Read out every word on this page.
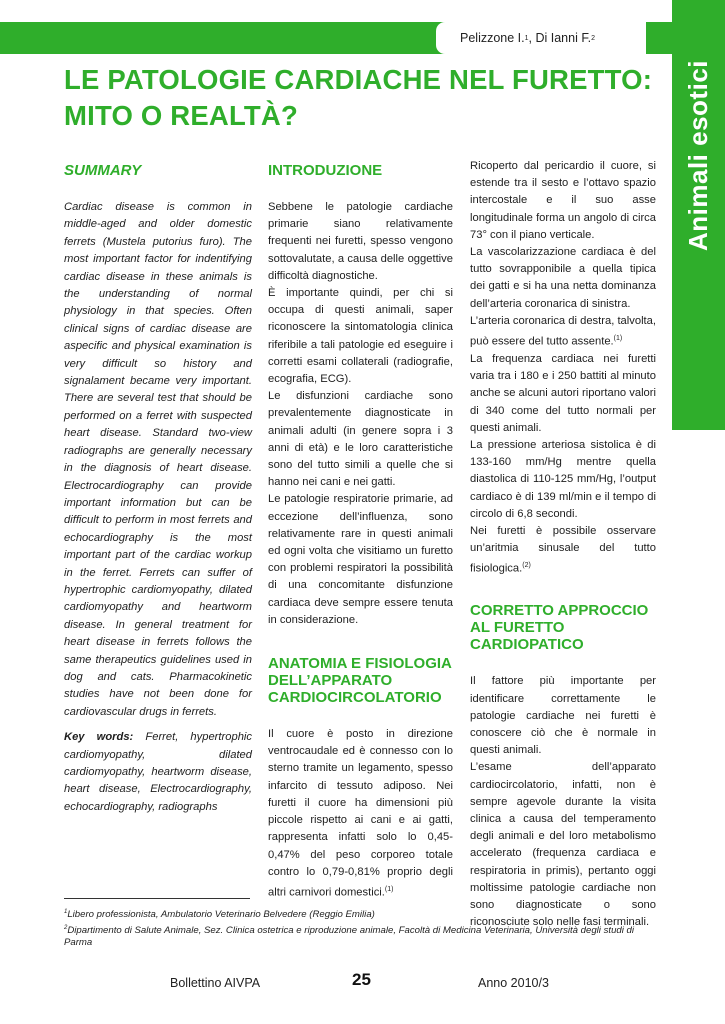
Pelizzone I. 1 , Di Ianni F. 2
Animali esotici
LE PATOLOGIE CARDIACHE NEL FURETTO: MITO O REALTÀ?
SUMMARY

Cardiac disease is common in middle-aged and older domestic ferrets (Mustela putorius furo). The most important factor for indentifying cardiac disease in these animals is the understanding of normal physiology in that species. Often clinical signs of cardiac disease are aspecific and physical examination is very difficult so history and signalament became very important. There are several test that should be performed on a ferret with suspected heart disease. Standard two-view radiographs are generally necessary in the diagnosis of heart disease. Electrocardiography can provide important information but can be difficult to perform in most ferrets and echocardiography is the most important part of the cardiac workup in the ferret. Ferrets can suffer of hypertrophic cardiomyopathy, dilated cardiomyopathy and heartworm disease. In general treatment for heart disease in ferrets follows the same therapeutics guidelines used in dog and cats. Pharmacokinetic studies have not been done for cardiovascular drugs in ferrets.

Key words: Ferret, hypertrophic cardiomyopathy, dilated cardiomyopathy, heartworm disease, heart disease, Electrocardiography, echocardiography, radiographs

INTRODUZIONE

Sebbene le patologie cardiache primarie siano relativamente frequenti nei furetti, spesso vengono sottovalutate, a causa delle oggettive difficoltà diagnostiche.

È importante quindi, per chi si occupa di questi animali, saper riconoscere la sintomatologia clinica riferibile a tali patologie ed eseguire i corretti esami collaterali (radiografie, ecografia, ECG).

Le disfunzioni cardiache sono prevalentemente diagnosticate in animali adulti (in genere sopra i 3 anni di età) e le loro caratteristiche sono del tutto simili a quelle che si hanno nei cani e nei gatti.

Le patologie respiratorie primarie, ad eccezione dell’influenza, sono relativamente rare in questi animali ed ogni volta che visitiamo un furetto con problemi respiratori la possibilità di una concomitante disfunzione cardiaca deve sempre essere tenuta in considerazione.

ANATOMIA E FISIOLOGIA DELL’APPARATO CARDIOCIRCOLATORIO

Il cuore è posto in direzione ventrocaudale ed è connesso con lo sterno tramite un legamento, spesso infarcito di tessuto adiposo. Nei furetti il cuore ha dimensioni più piccole rispetto ai cani e ai gatti, rappresenta infatti solo lo 0,45-0,47% del peso corporeo totale contro lo 0,79-0,81% proprio degli altri carnivori domestici.$^{(1)}$

Ricoperto dal pericardio il cuore, si estende tra il sesto e l’ottavo spazio intercostale e il suo asse longitudinale forma un angolo di circa 73° con il piano verticale.

La vascolarizzazione cardiaca è del tutto sovrapponibile a quella tipica dei gatti e si ha una netta dominanza dell’arteria coronarica di sinistra.

L’arteria coronarica di destra, talvolta, può essere del tutto assente.$^{(1)}$

La frequenza cardiaca nei furetti varia tra i 180 e i 250 battiti al minuto anche se alcuni autori riportano valori di 340 come del tutto normali per questi animali.

La pressione arteriosa sistolica è di 133-160 mm/Hg mentre quella diastolica di 110-125 mm/Hg, l’output cardiaco è di 139 ml/min e il tempo di circolo di 6,8 secondi.

Nei furetti è possibile osservare un’aritmia sinusale del tutto fisiologica.$^{(2)}$

CORRETTO APPROCCIO AL FURETTO CARDIOPATICO

Il fattore più importante per identificare correttamente le patologie cardiache nei furetti è conoscere ciò che è normale in questi animali.

L’esame dell’apparato cardiocircolatorio, infatti, non è sempre agevole durante la visita clinica a causa del temperamento degli animali e del loro metabolismo accelerato (frequenza cardiaca e respiratoria in primis), pertanto oggi moltissime patologie cardiache non sono diagnosticate o sono riconosciute solo nelle fasi terminali.

$^1$Libero professionista, Ambulatorio Veterinario Belvedere (Reggio Emilia)

$^2$Dipartimento di Salute Animale, Sez. Clinica ostetrica e riproduzione animale, Facoltà di Medicina Veterinaria, Università degli studi di Parma

Bollettino AIVPA	25	Anno 2010/3
